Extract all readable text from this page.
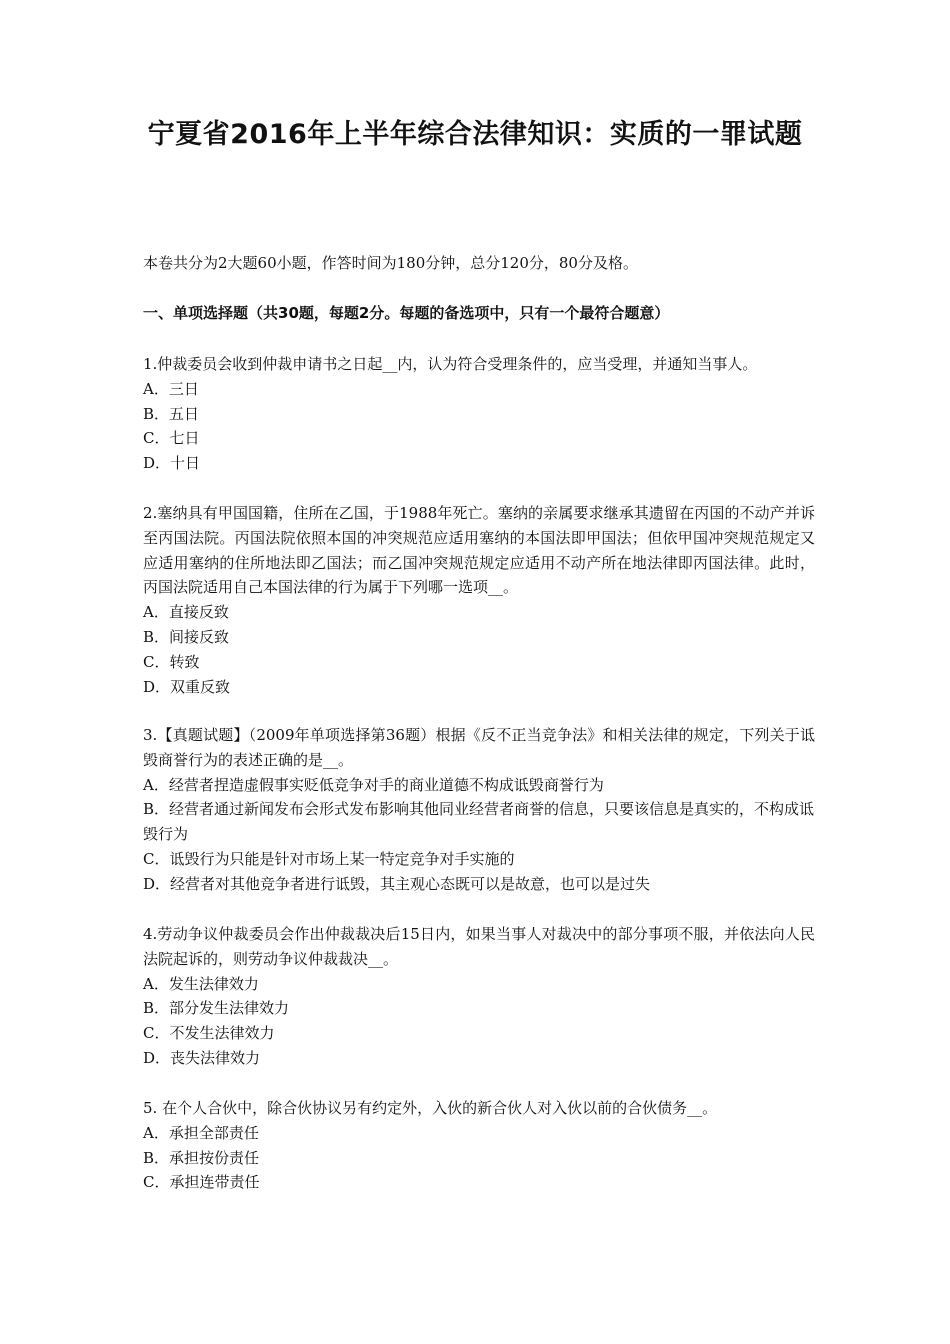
宁夏省2016年上半年综合法律知识：实质的一罪试题
本卷共分为2大题60小题，作答时间为180分钟，总分120分，80分及格。
一、单项选择题（共30题，每题2分。每题的备选项中，只有一个最符合题意）
1.仲裁委员会收到仲裁申请书之日起__内，认为符合受理条件的，应当受理，并通知当事人。
A．三日
B．五日
C．七日
D．十日
2.塞纳具有甲国国籍，住所在乙国，于1988年死亡。塞纳的亲属要求继承其遗留在丙国的不动产并诉至丙国法院。丙国法院依照本国的冲突规范应适用塞纳的本国法即甲国法；但依甲国冲突规范规定又应适用塞纳的住所地法即乙国法；而乙国冲突规范规定应适用不动产所在地法律即丙国法律。此时，丙国法院适用自己本国法律的行为属于下列哪一选项__。
A．直接反致
B．间接反致
C．转致
D．双重反致
3.【真题试题】（2009年单项选择第36题）根据《反不正当竞争法》和相关法律的规定，下列关于诋毁商誉行为的表述正确的是__。
A．经营者捏造虚假事实贬低竞争对手的商业道德不构成诋毁商誉行为
B．经营者通过新闻发布会形式发布影响其他同业经营者商誉的信息，只要该信息是真实的，不构成诋毁行为
C．诋毁行为只能是针对市场上某一特定竞争对手实施的
D．经营者对其他竞争者进行诋毁，其主观心态既可以是故意，也可以是过失
4.劳动争议仲裁委员会作出仲裁裁决后15日内，如果当事人对裁决中的部分事项不服，并依法向人民法院起诉的，则劳动争议仲裁裁决__。
A．发生法律效力
B．部分发生法律效力
C．不发生法律效力
D．丧失法律效力
5. 在个人合伙中，除合伙协议另有约定外，入伙的新合伙人对入伙以前的合伙债务__。
A．承担全部责任
B．承担按份责任
C．承担连带责任
